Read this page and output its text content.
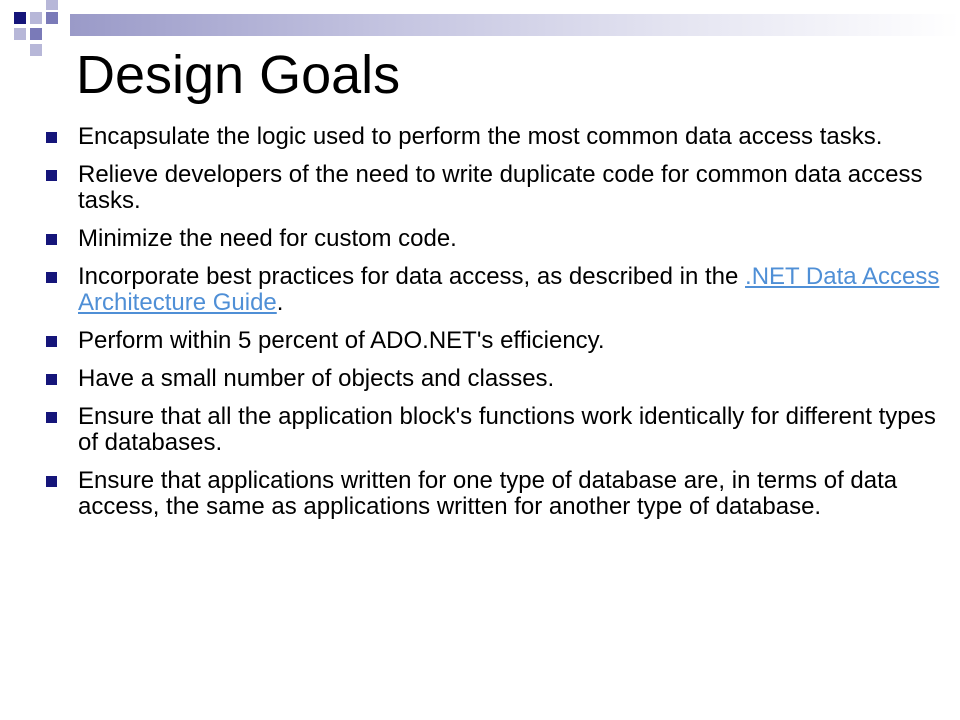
Design Goals
Encapsulate the logic used to perform the most common data access tasks.
Relieve developers of the need to write duplicate code for common data access tasks.
Minimize the need for custom code.
Incorporate best practices for data access, as described in the .NET Data Access Architecture Guide.
Perform within 5 percent of ADO.NET's efficiency.
Have a small number of objects and classes.
Ensure that all the application block's functions work identically for different types of databases.
Ensure that applications written for one type of database are, in terms of data access, the same as applications written for another type of database.
